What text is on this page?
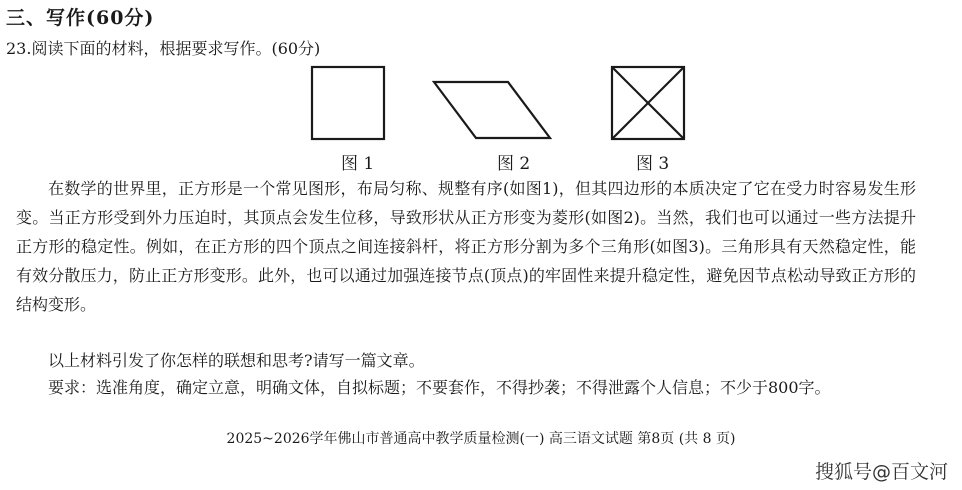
三、写作(60分)
23.阅读下面的材料，根据要求写作。(60分)
图 1	图 2	图 3

在数学的世界里，正方形是一个常见图形，布局匀称、规整有序(如图1)，但其四边形的本质决定了它在受力时容易发生形变。当正方形受到外力压迫时，其顶点会发生位移，导致形状从正方形变为菱形(如图2)。当然，我们也可以通过一些方法提升正方形的稳定性。例如，在正方形的四个顶点之间连接斜杆，将正方形分割为多个三角形(如图3)。三角形具有天然稳定性，能有效分散压力，防止正方形变形。此外，也可以通过加强连接节点(顶点)的牢固性来提升稳定性，避免因节点松动导致正方形的结构变形。

以上材料引发了你怎样的联想和思考?请写一篇文章。

要求：选准角度，确定立意，明确文体，自拟标题；不要套作，不得抄袭；不得泄露个人信息；不少于800字。

2025~2026学年佛山市普通高中教学质量检测(一) 高三语文试题 第8页 (共 8 页)
搜狐号@百文河
